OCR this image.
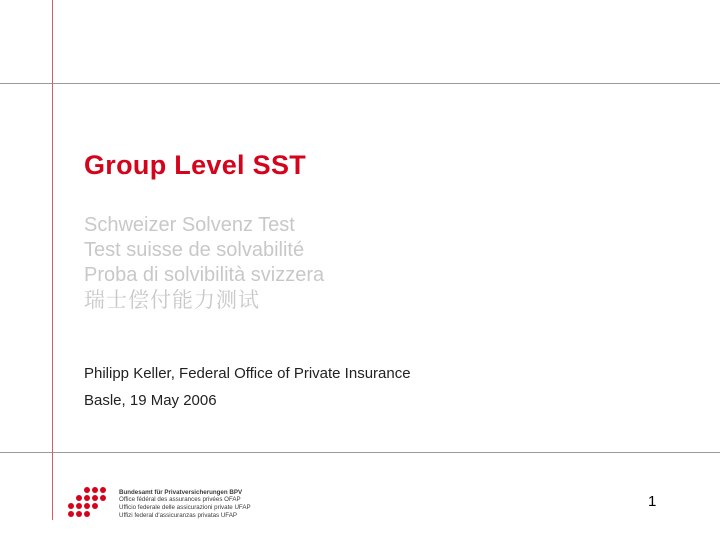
Group Level SST
Schweizer Solvenz Test
Test suisse de solvabilité
Proba di solvibilità svizzera
瑞士偿付能力测试
Philipp Keller, Federal Office of Private Insurance
Basle, 19 May 2006
Bundesamt für Privatversicherungen BPV
Office fédéral des assurances privées OFAP
Ufficio federale delle assicurazioni private UFAP
Uffizi federal d'assicuranzas privatas UFAP
1
